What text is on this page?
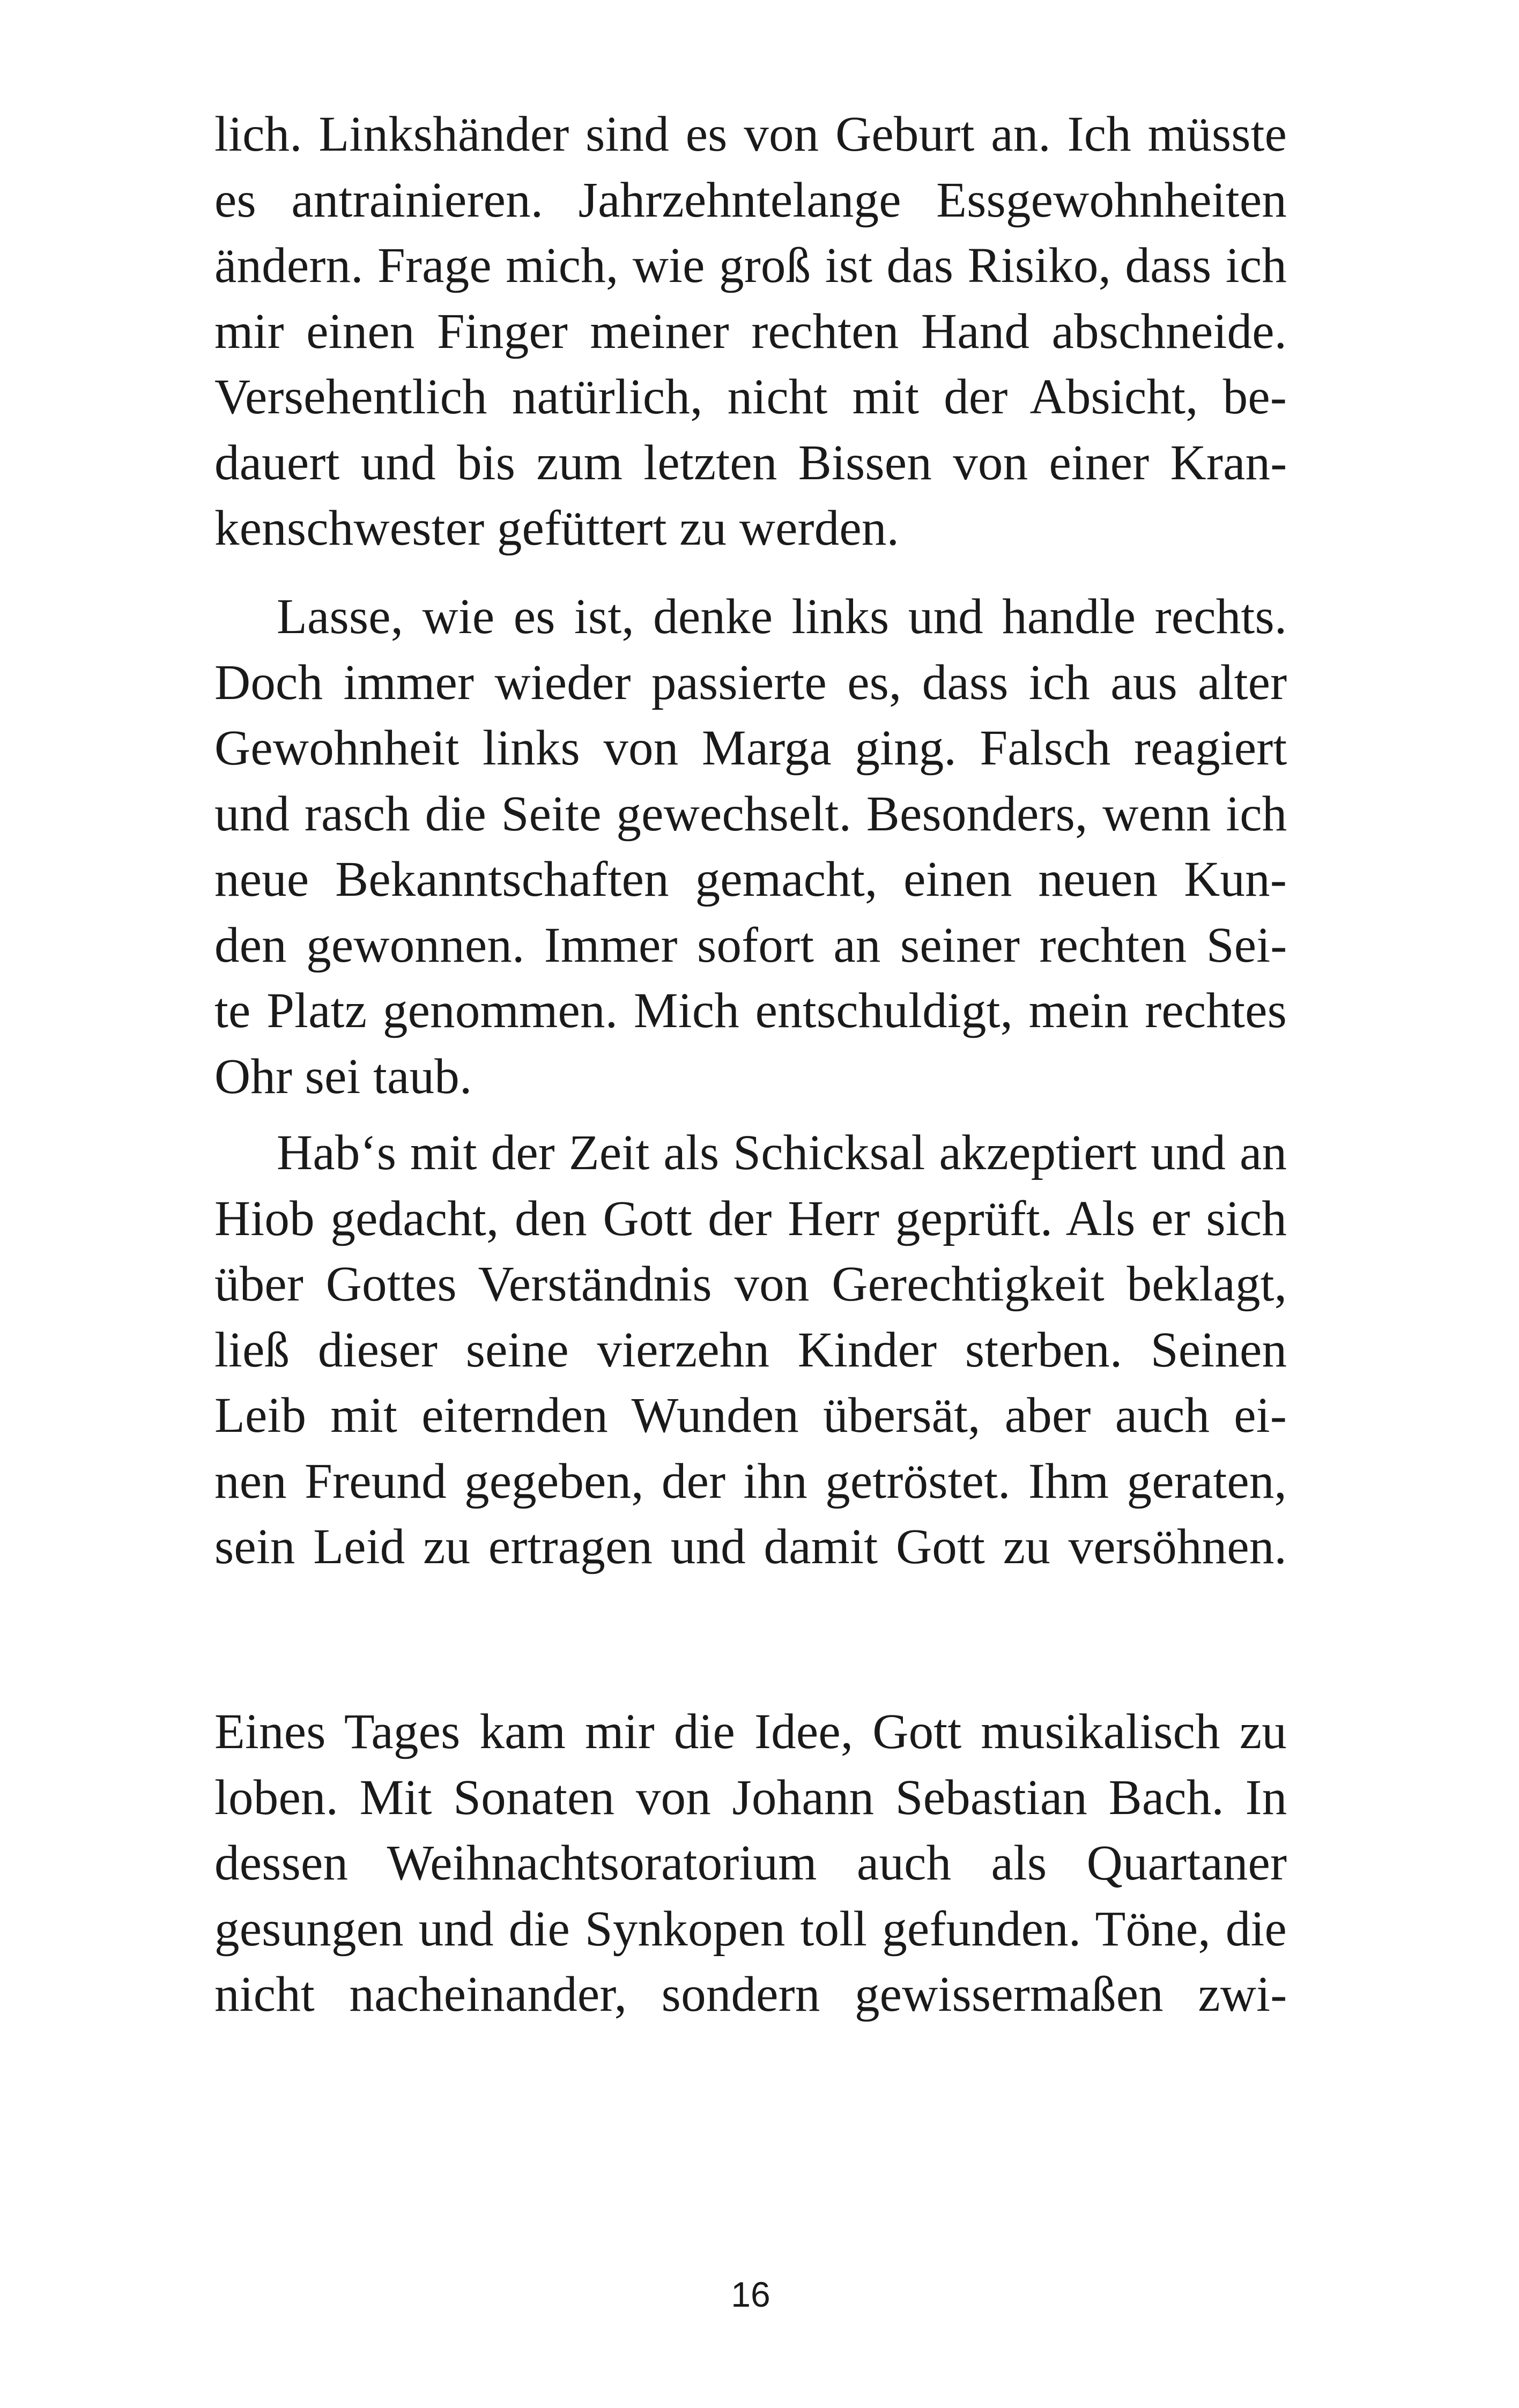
lich. Linkshänder sind es von Geburt an. Ich müsste
es antrainieren. Jahrzehntelange Essgewohnheiten
ändern. Frage mich, wie groß ist das Risiko, dass ich
mir einen Finger meiner rechten Hand abschneide.
Versehentlich natürlich, nicht mit der Absicht, be-
dauert und bis zum letzten Bissen von einer Kran-
kenschwester gefüttert zu werden.
Lasse, wie es ist, denke links und handle rechts.
Doch immer wieder passierte es, dass ich aus alter
Gewohnheit links von Marga ging. Falsch reagiert
und rasch die Seite gewechselt. Besonders, wenn ich
neue Bekanntschaften gemacht, einen neuen Kun-
den gewonnen. Immer sofort an seiner rechten Sei-
te Platz genommen. Mich entschuldigt, mein rechtes
Ohr sei taub.
Hab‘s mit der Zeit als Schicksal akzeptiert und an
Hiob gedacht, den Gott der Herr geprüft. Als er sich
über Gottes Verständnis von Gerechtigkeit beklagt,
ließ dieser seine vierzehn Kinder sterben. Seinen
Leib mit eiternden Wunden übersät, aber auch ei-
nen Freund gegeben, der ihn getröstet. Ihm geraten,
sein Leid zu ertragen und damit Gott zu versöhnen.
Eines Tages kam mir die Idee, Gott musikalisch zu
loben. Mit Sonaten von Johann Sebastian Bach. In
dessen Weihnachtsoratorium auch als Quartaner
gesungen und die Synkopen toll gefunden. Töne, die
nicht nacheinander, sondern gewissermaßen zwi-
16
